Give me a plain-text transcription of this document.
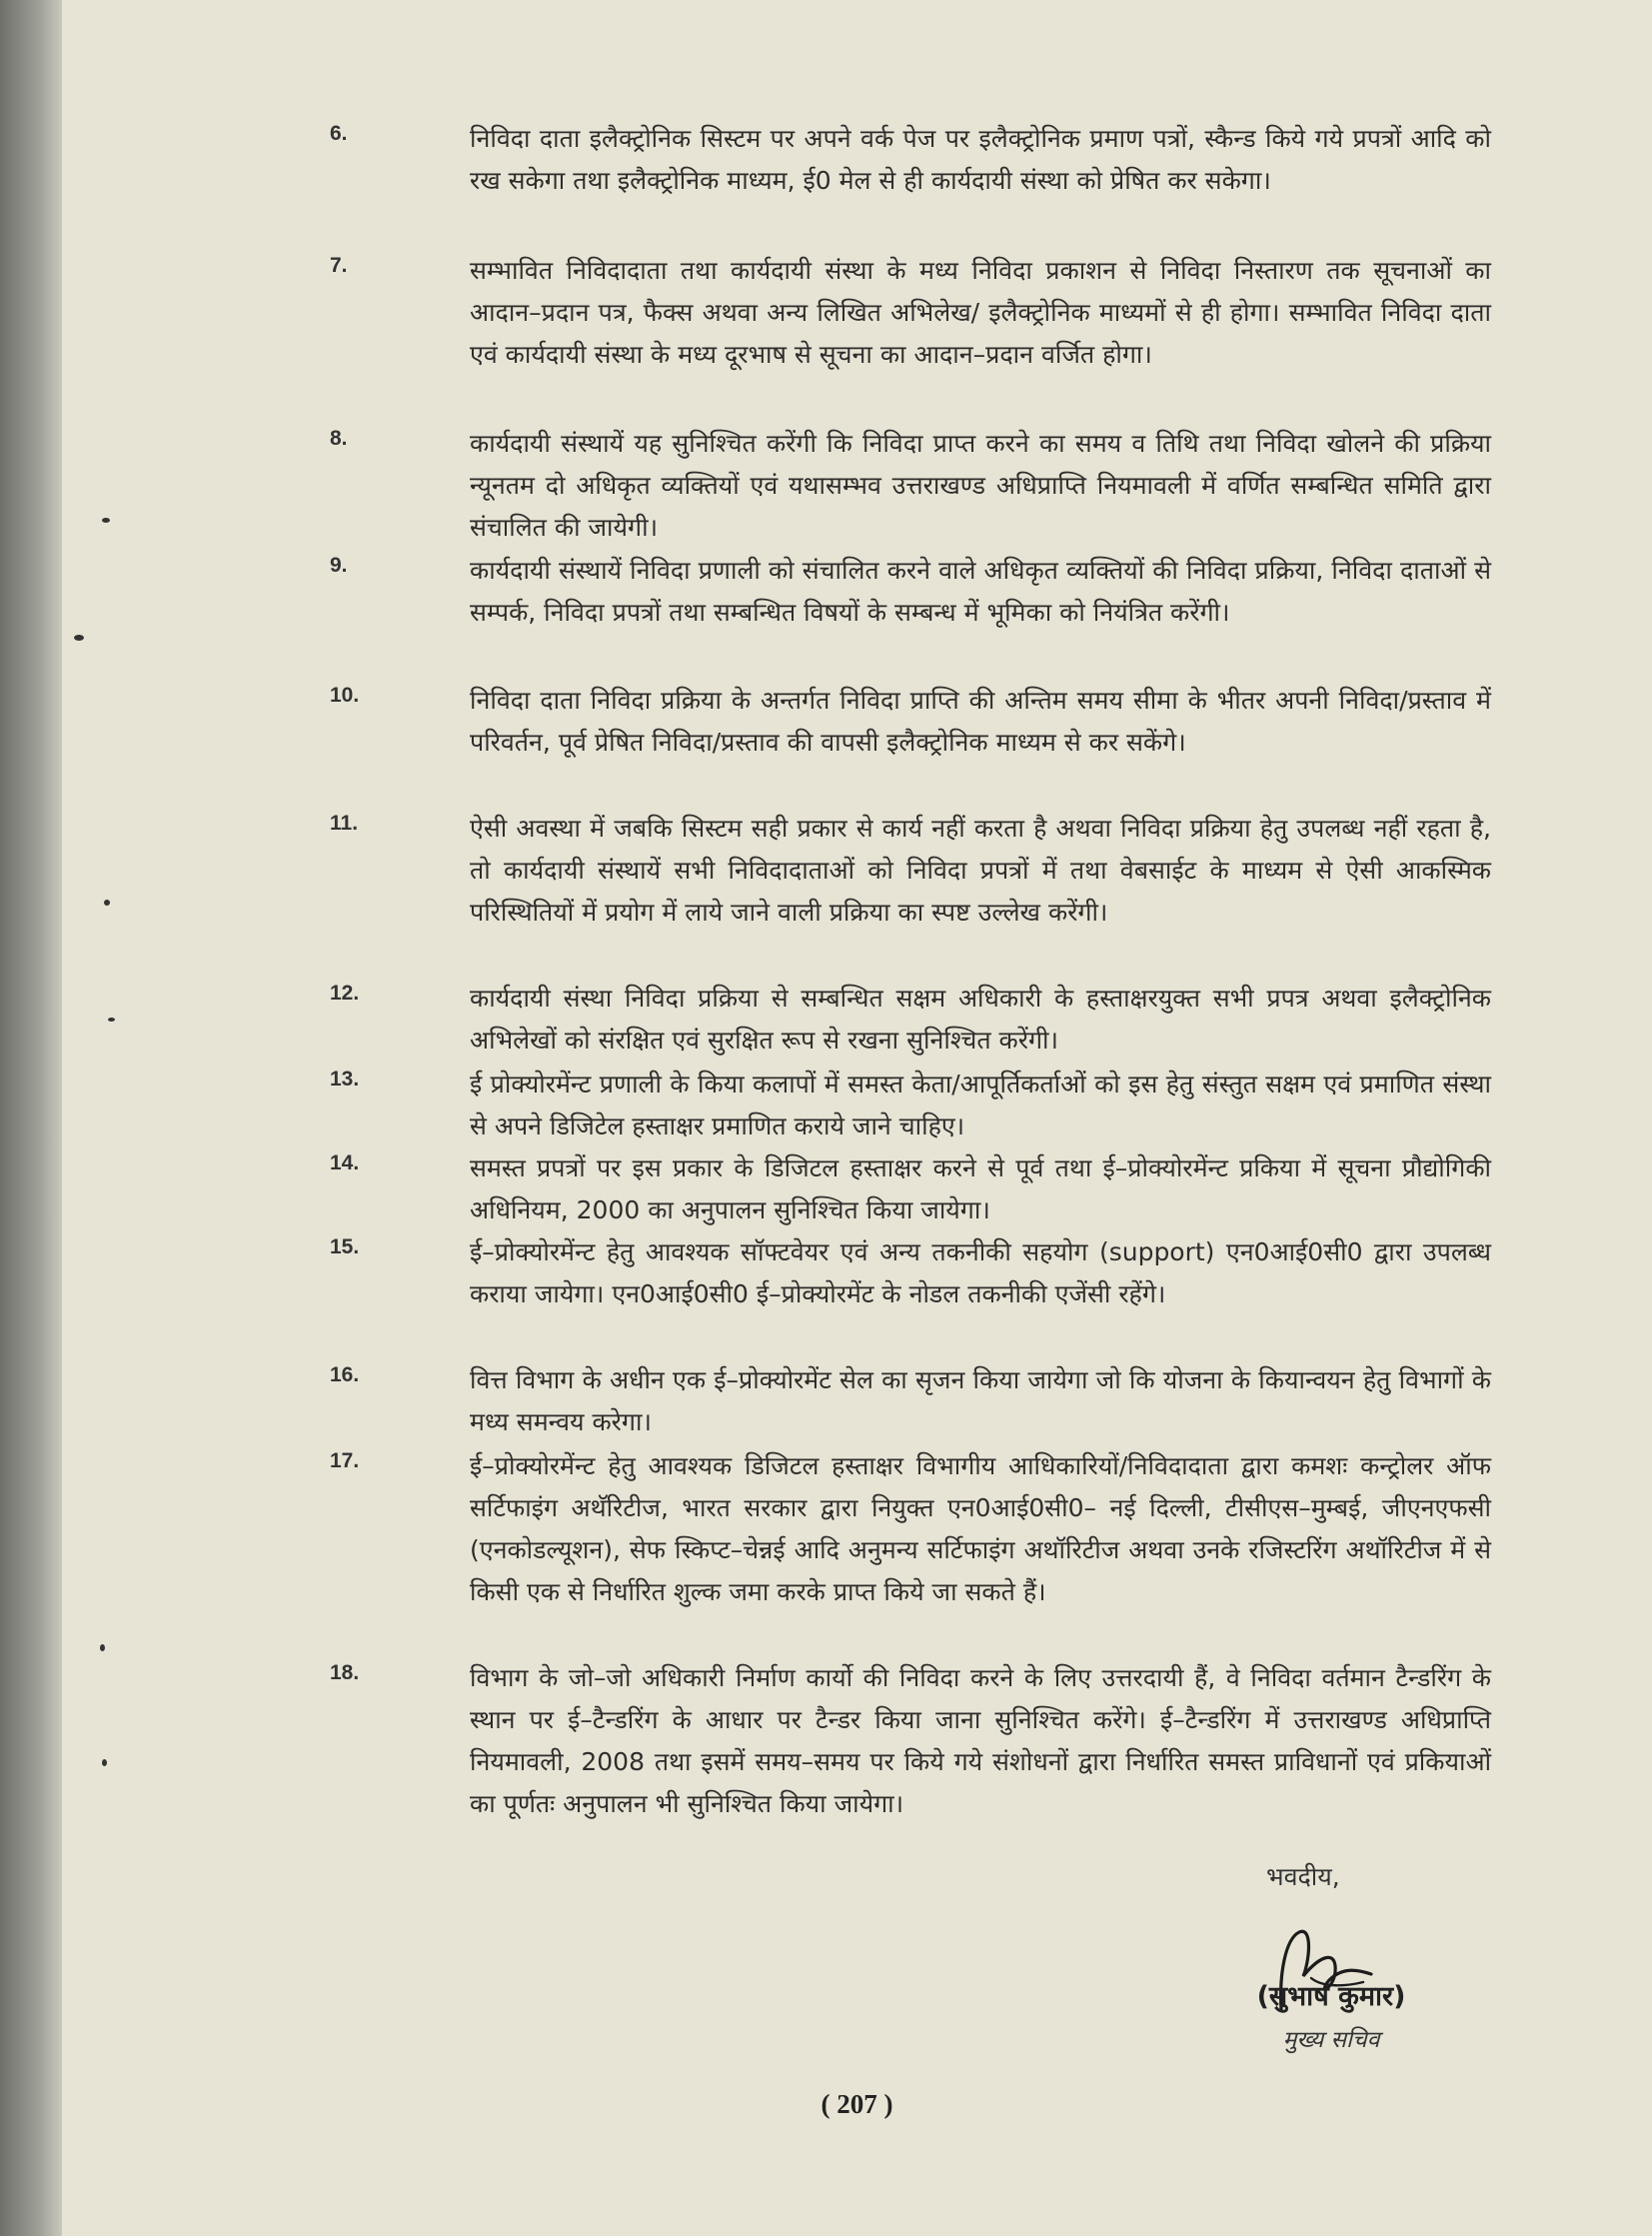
6.	निविदा दाता इलैक्ट्रोनिक सिस्टम पर अपने वर्क पेज पर इलैक्ट्रोनिक प्रमाण पत्रों, स्कैन्ड किये गये प्रपत्रों आदि को रख सकेगा तथा इलैक्ट्रोनिक माध्यम, ई0 मेल से ही कार्यदायी संस्था को प्रेषित कर सकेगा।
7.	सम्भावित निविदादाता तथा कार्यदायी संस्था के मध्य निविदा प्रकाशन से निविदा निस्तारण तक सूचनाओं का आदान–प्रदान पत्र, फैक्स अथवा अन्य लिखित अभिलेख/ इलैक्ट्रोनिक माध्यमों से ही होगा। सम्भावित निविदा दाता एवं कार्यदायी संस्था के मध्य दूरभाष से सूचना का आदान–प्रदान वर्जित होगा।
8.	कार्यदायी संस्थायें यह सुनिश्चित करेंगी कि निविदा प्राप्त करने का समय व तिथि तथा निविदा खोलने की प्रक्रिया न्यूनतम दो अधिकृत व्यक्तियों एवं यथासम्भव उत्तराखण्ड अधिप्राप्ति नियमावली में वर्णित सम्बन्धित समिति द्वारा संचालित की जायेगी।
9.	कार्यदायी संस्थायें निविदा प्रणाली को संचालित करने वाले अधिकृत व्यक्तियों की निविदा प्रक्रिया, निविदा दाताओं से सम्पर्क, निविदा प्रपत्रों तथा सम्बन्धित विषयों के सम्बन्ध में भूमिका को नियंत्रित करेंगी।
10.	निविदा दाता निविदा प्रक्रिया के अन्तर्गत निविदा प्राप्ति की अन्तिम समय सीमा के भीतर अपनी निविदा/प्रस्ताव में परिवर्तन, पूर्व प्रेषित निविदा/प्रस्ताव की वापसी इलैक्ट्रोनिक माध्यम से कर सकेंगे।
11.	ऐसी अवस्था में जबकि सिस्टम सही प्रकार से कार्य नहीं करता है अथवा निविदा प्रक्रिया हेतु उपलब्ध नहीं रहता है, तो कार्यदायी संस्थायें सभी निविदादाताओं को निविदा प्रपत्रों में तथा वेबसाईट के माध्यम से ऐसी आकस्मिक परिस्थितियों में प्रयोग में लाये जाने वाली प्रक्रिया का स्पष्ट उल्लेख करेंगी।
12.	कार्यदायी संस्था निविदा प्रक्रिया से सम्बन्धित सक्षम अधिकारी के हस्ताक्षरयुक्त सभी प्रपत्र अथवा इलैक्ट्रोनिक अभिलेखों को संरक्षित एवं सुरक्षित रूप से रखना सुनिश्चित करेंगी।
13.	ई प्रोक्योरमेंन्ट प्रणाली के किया कलापों में समस्त केता/आपूर्तिकर्ताओं को इस हेतु संस्तुत सक्षम एवं प्रमाणित संस्था से अपने डिजिटेल हस्ताक्षर प्रमाणित कराये जाने चाहिए।
14.	समस्त प्रपत्रों पर इस प्रकार के डिजिटल हस्ताक्षर करने से पूर्व तथा ई–प्रोक्योरमेंन्ट प्रकिया में सूचना प्रौद्योगिकी अधिनियम, 2000 का अनुपालन सुनिश्चित किया जायेगा।
15.	ई–प्रोक्योरमेंन्ट हेतु आवश्यक सॉफ्टवेयर एवं अन्य तकनीकी सहयोग (support) एन0आई0सी0 द्वारा उपलब्ध कराया जायेगा। एन0आई0सी0 ई–प्रोक्योरमेंट के नोडल तकनीकी एजेंसी रहेंगे।
16.	वित्त विभाग के अधीन एक ई–प्रोक्योरमेंट सेल का सृजन किया जायेगा जो कि योजना के कियान्वयन हेतु विभागों के मध्य समन्वय करेगा।
17.	ई–प्रोक्योरमेंन्ट हेतु आवश्यक डिजिटल हस्ताक्षर विभागीय आधिकारियों/निविदादाता द्वारा कमशः कन्ट्रोलर ऑफ सर्टिफाइंग अथॅरिटीज, भारत सरकार द्वारा नियुक्त एन0आई0सी0– नई दिल्ली, टीसीएस–मुम्बई, जीएनएफसी (एनकोडल्यूशन), सेफ स्किप्ट–चेन्नई आदि अनुमन्य सर्टिफाइंग अथॉरिटीज अथवा उनके रजिस्टरिंग अथॉरिटीज में से किसी एक से निर्धारित शुल्क जमा करके प्राप्त किये जा सकते हैं।
18.	विभाग के जो–जो अधिकारी निर्माण कार्यो की निविदा करने के लिए उत्तरदायी हैं, वे निविदा वर्तमान टैन्डरिंग के स्थान पर ई–टैन्डरिंग के आधार पर टैन्डर किया जाना सुनिश्चित करेंगे। ई–टैन्डरिंग में उत्तराखण्ड अधिप्राप्ति नियमावली, 2008 तथा इसमें समय–समय पर किये गये संशोधनों द्वारा निर्धारित समस्त प्राविधानों एवं प्रकियाओं का पूर्णतः अनुपालन भी सुनिश्चित किया जायेगा।
भवदीय,
(सुभाष कुमार)
मुख्य सचिव
( 207 )
